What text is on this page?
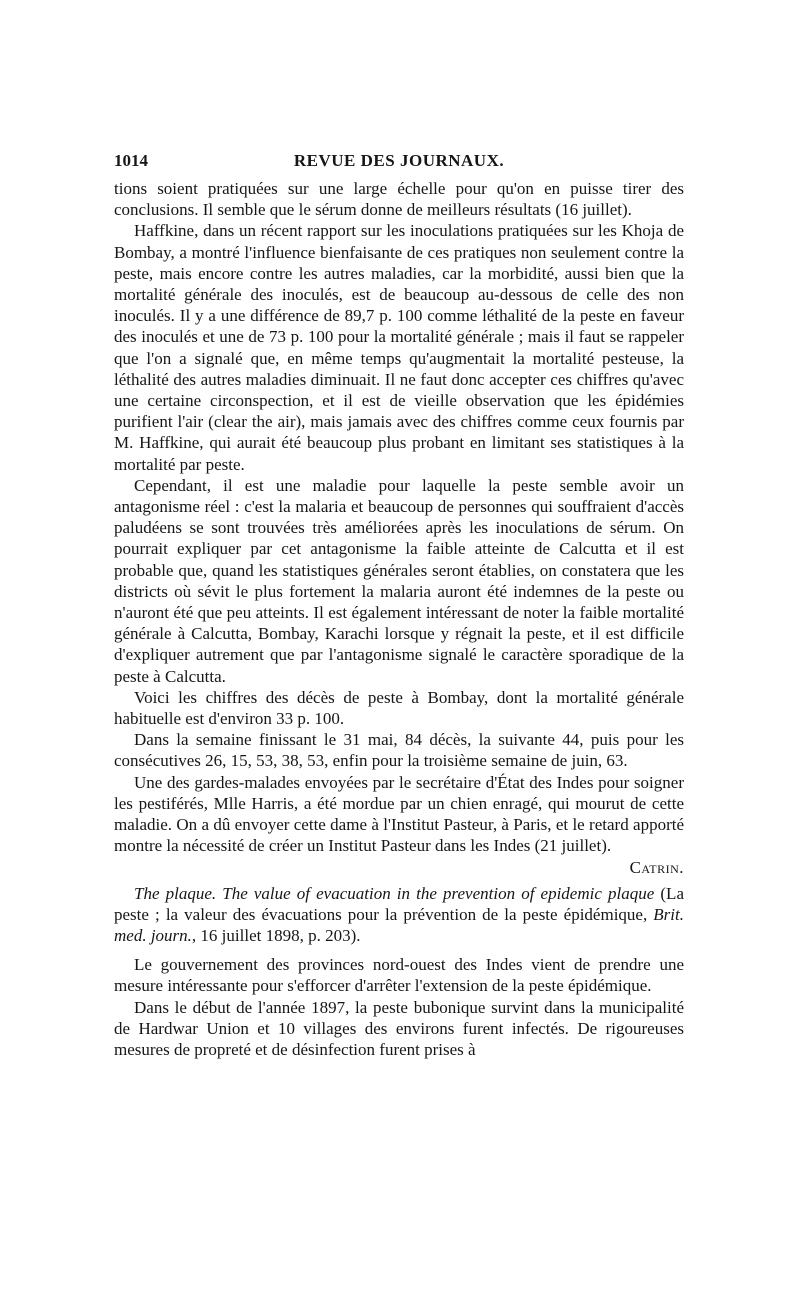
1014	REVUE DES JOURNAUX.

tions soient pratiquées sur une large échelle pour qu'on en puisse tirer des conclusions. Il semble que le sérum donne de meilleurs résultats (16 juillet).

Haffkine, dans un récent rapport sur les inoculations pratiquées sur les Khoja de Bombay, a montré l'influence bienfaisante de ces pratiques non seulement contre la peste, mais encore contre les autres maladies, car la morbidité, aussi bien que la mortalité générale des inoculés, est de beaucoup au-dessous de celle des non inoculés. Il y a une différence de 89,7 p. 100 comme léthalité de la peste en faveur des inoculés et une de 73 p. 100 pour la mortalité générale ; mais il faut se rappeler que l'on a signalé que, en même temps qu'augmentait la mortalité pesteuse, la léthalité des autres maladies diminuait. Il ne faut donc accepter ces chiffres qu'avec une certaine circonspection, et il est de vieille observation que les épidémies purifient l'air (clear the air), mais jamais avec des chiffres comme ceux fournis par M. Haffkine, qui aurait été beaucoup plus probant en limitant ses statistiques à la mortalité par peste.

Cependant, il est une maladie pour laquelle la peste semble avoir un antagonisme réel : c'est la malaria et beaucoup de personnes qui souffraient d'accès paludéens se sont trouvées très améliorées après les inoculations de sérum. On pourrait expliquer par cet antagonisme la faible atteinte de Calcutta et il est probable que, quand les statistiques générales seront établies, on constatera que les districts où sévit le plus fortement la malaria auront été indemnes de la peste ou n'auront été que peu atteints. Il est également intéressant de noter la faible mortalité générale à Calcutta, Bombay, Karachi lorsque y régnait la peste, et il est difficile d'expliquer autrement que par l'antagonisme signalé le caractère sporadique de la peste à Calcutta.

Voici les chiffres des décès de peste à Bombay, dont la mortalité générale habituelle est d'environ 33 p. 100.

Dans la semaine finissant le 31 mai, 84 décès, la suivante 44, puis pour les consécutives 26, 15, 53, 38, 53, enfin pour la troisième semaine de juin, 63.

Une des gardes-malades envoyées par le secrétaire d'État des Indes pour soigner les pestiférés, Mlle Harris, a été mordue par un chien enragé, qui mourut de cette maladie. On a dû envoyer cette dame à l'Institut Pasteur, à Paris, et le retard apporté montre la nécessité de créer un Institut Pasteur dans les Indes (21 juillet).
Catrin.

The plaque. The value of evacuation in the prevention of epidemic plaque (La peste ; la valeur des évacuations pour la prévention de la peste épidémique, Brit. med. journ., 16 juillet 1898, p. 203).

Le gouvernement des provinces nord-ouest des Indes vient de prendre une mesure intéressante pour s'efforcer d'arrêter l'extension de la peste épidémique.

Dans le début de l'année 1897, la peste bubonique survint dans la municipalité de Hardwar Union et 10 villages des environs furent infectés. De rigoureuses mesures de propreté et de désinfection furent prises à
